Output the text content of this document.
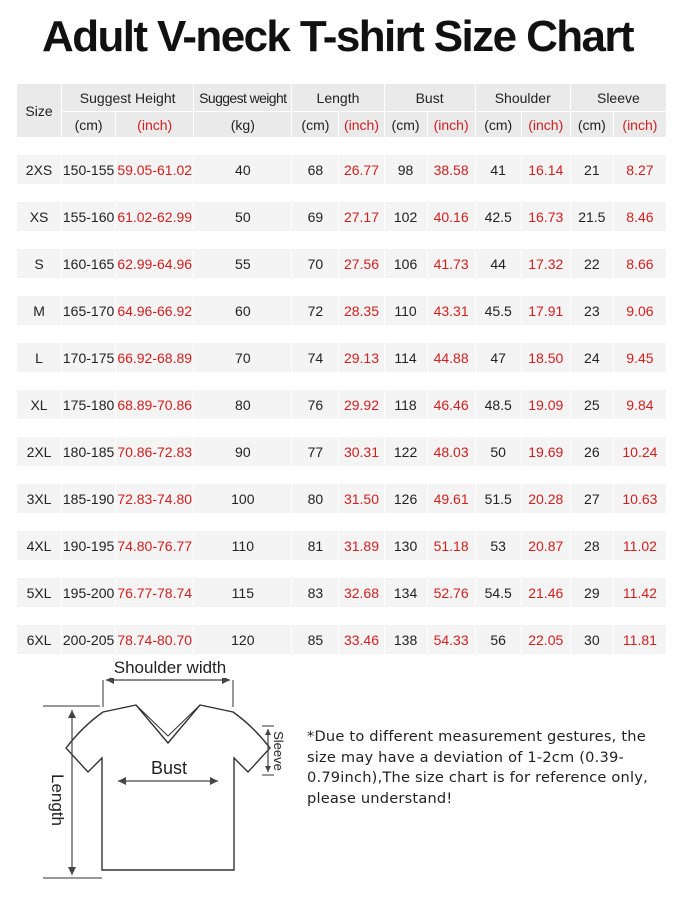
Adult V-neck T-shirt Size Chart
Size	Suggest Height		Suggest weight	Length		Bust		Shoulder		Sleeve	
	(cm)	(inch)	(kg)	(cm)	(inch)	(cm)	(inch)	(cm)	(inch)	(cm)	(inch)

2XS	150-155	59.05-61.02	40	68	26.77	98	38.58	41	16.14	21	8.27

XS	155-160	61.02-62.99	50	69	27.17	102	40.16	42.5	16.73	21.5	8.46

S	160-165	62.99-64.96	55	70	27.56	106	41.73	44	17.32	22	8.66

M	165-170	64.96-66.92	60	72	28.35	110	43.31	45.5	17.91	23	9.06

L	170-175	66.92-68.89	70	74	29.13	114	44.88	47	18.50	24	9.45

XL	175-180	68.89-70.86	80	76	29.92	118	46.46	48.5	19.09	25	9.84

2XL	180-185	70.86-72.83	90	77	30.31	122	48.03	50	19.69	26	10.24

3XL	185-190	72.83-74.80	100	80	31.50	126	49.61	51.5	20.28	27	10.63

4XL	190-195	74.80-76.77	110	81	31.89	130	51.18	53	20.87	28	11.02

5XL	195-200	76.77-78.74	115	83	32.68	134	52.76	54.5	21.46	29	11.42

6XL	200-205	78.74-80.70	120	85	33.46	138	54.33	56	22.05	30	11.81
Shoulder width
Bust	Sleeve
Length
*Due to different measurement gestures, the size may have a deviation of 1-2cm (0.39-0.79inch),The size chart is for reference only, please understand!
